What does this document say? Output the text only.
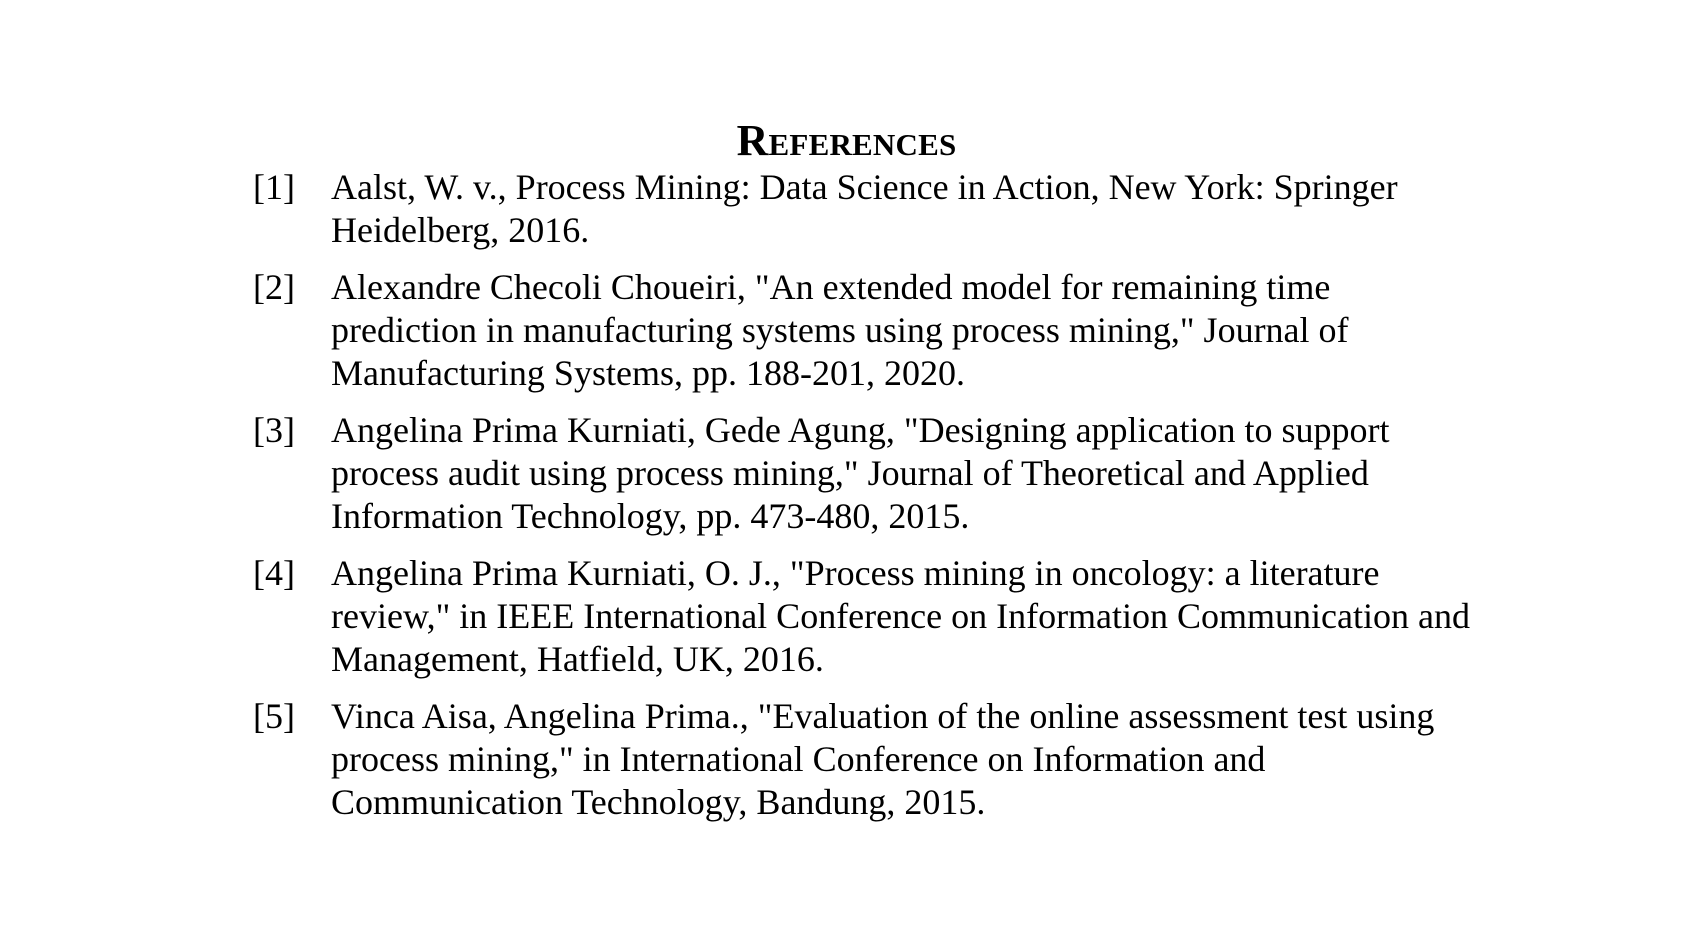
References
[1]	Aalst, W. v., Process Mining: Data Science in Action, New York: Springer Heidelberg, 2016.
[2]	Alexandre Checoli Choueiri, "An extended model for remaining time prediction in manufacturing systems using process mining," Journal of Manufacturing Systems, pp. 188-201, 2020.
[3]	Angelina Prima Kurniati, Gede Agung, "Designing application to support process audit using process mining," Journal of Theoretical and Applied Information Technology, pp. 473-480, 2015.
[4]	Angelina Prima Kurniati, O. J., "Process mining in oncology: a literature review," in IEEE International Conference on Information Communication and Management, Hatfield, UK, 2016.
[5]	Vinca Aisa, Angelina Prima., "Evaluation of the online assessment test using process mining," in International Conference on Information and Communication Technology, Bandung, 2015.
